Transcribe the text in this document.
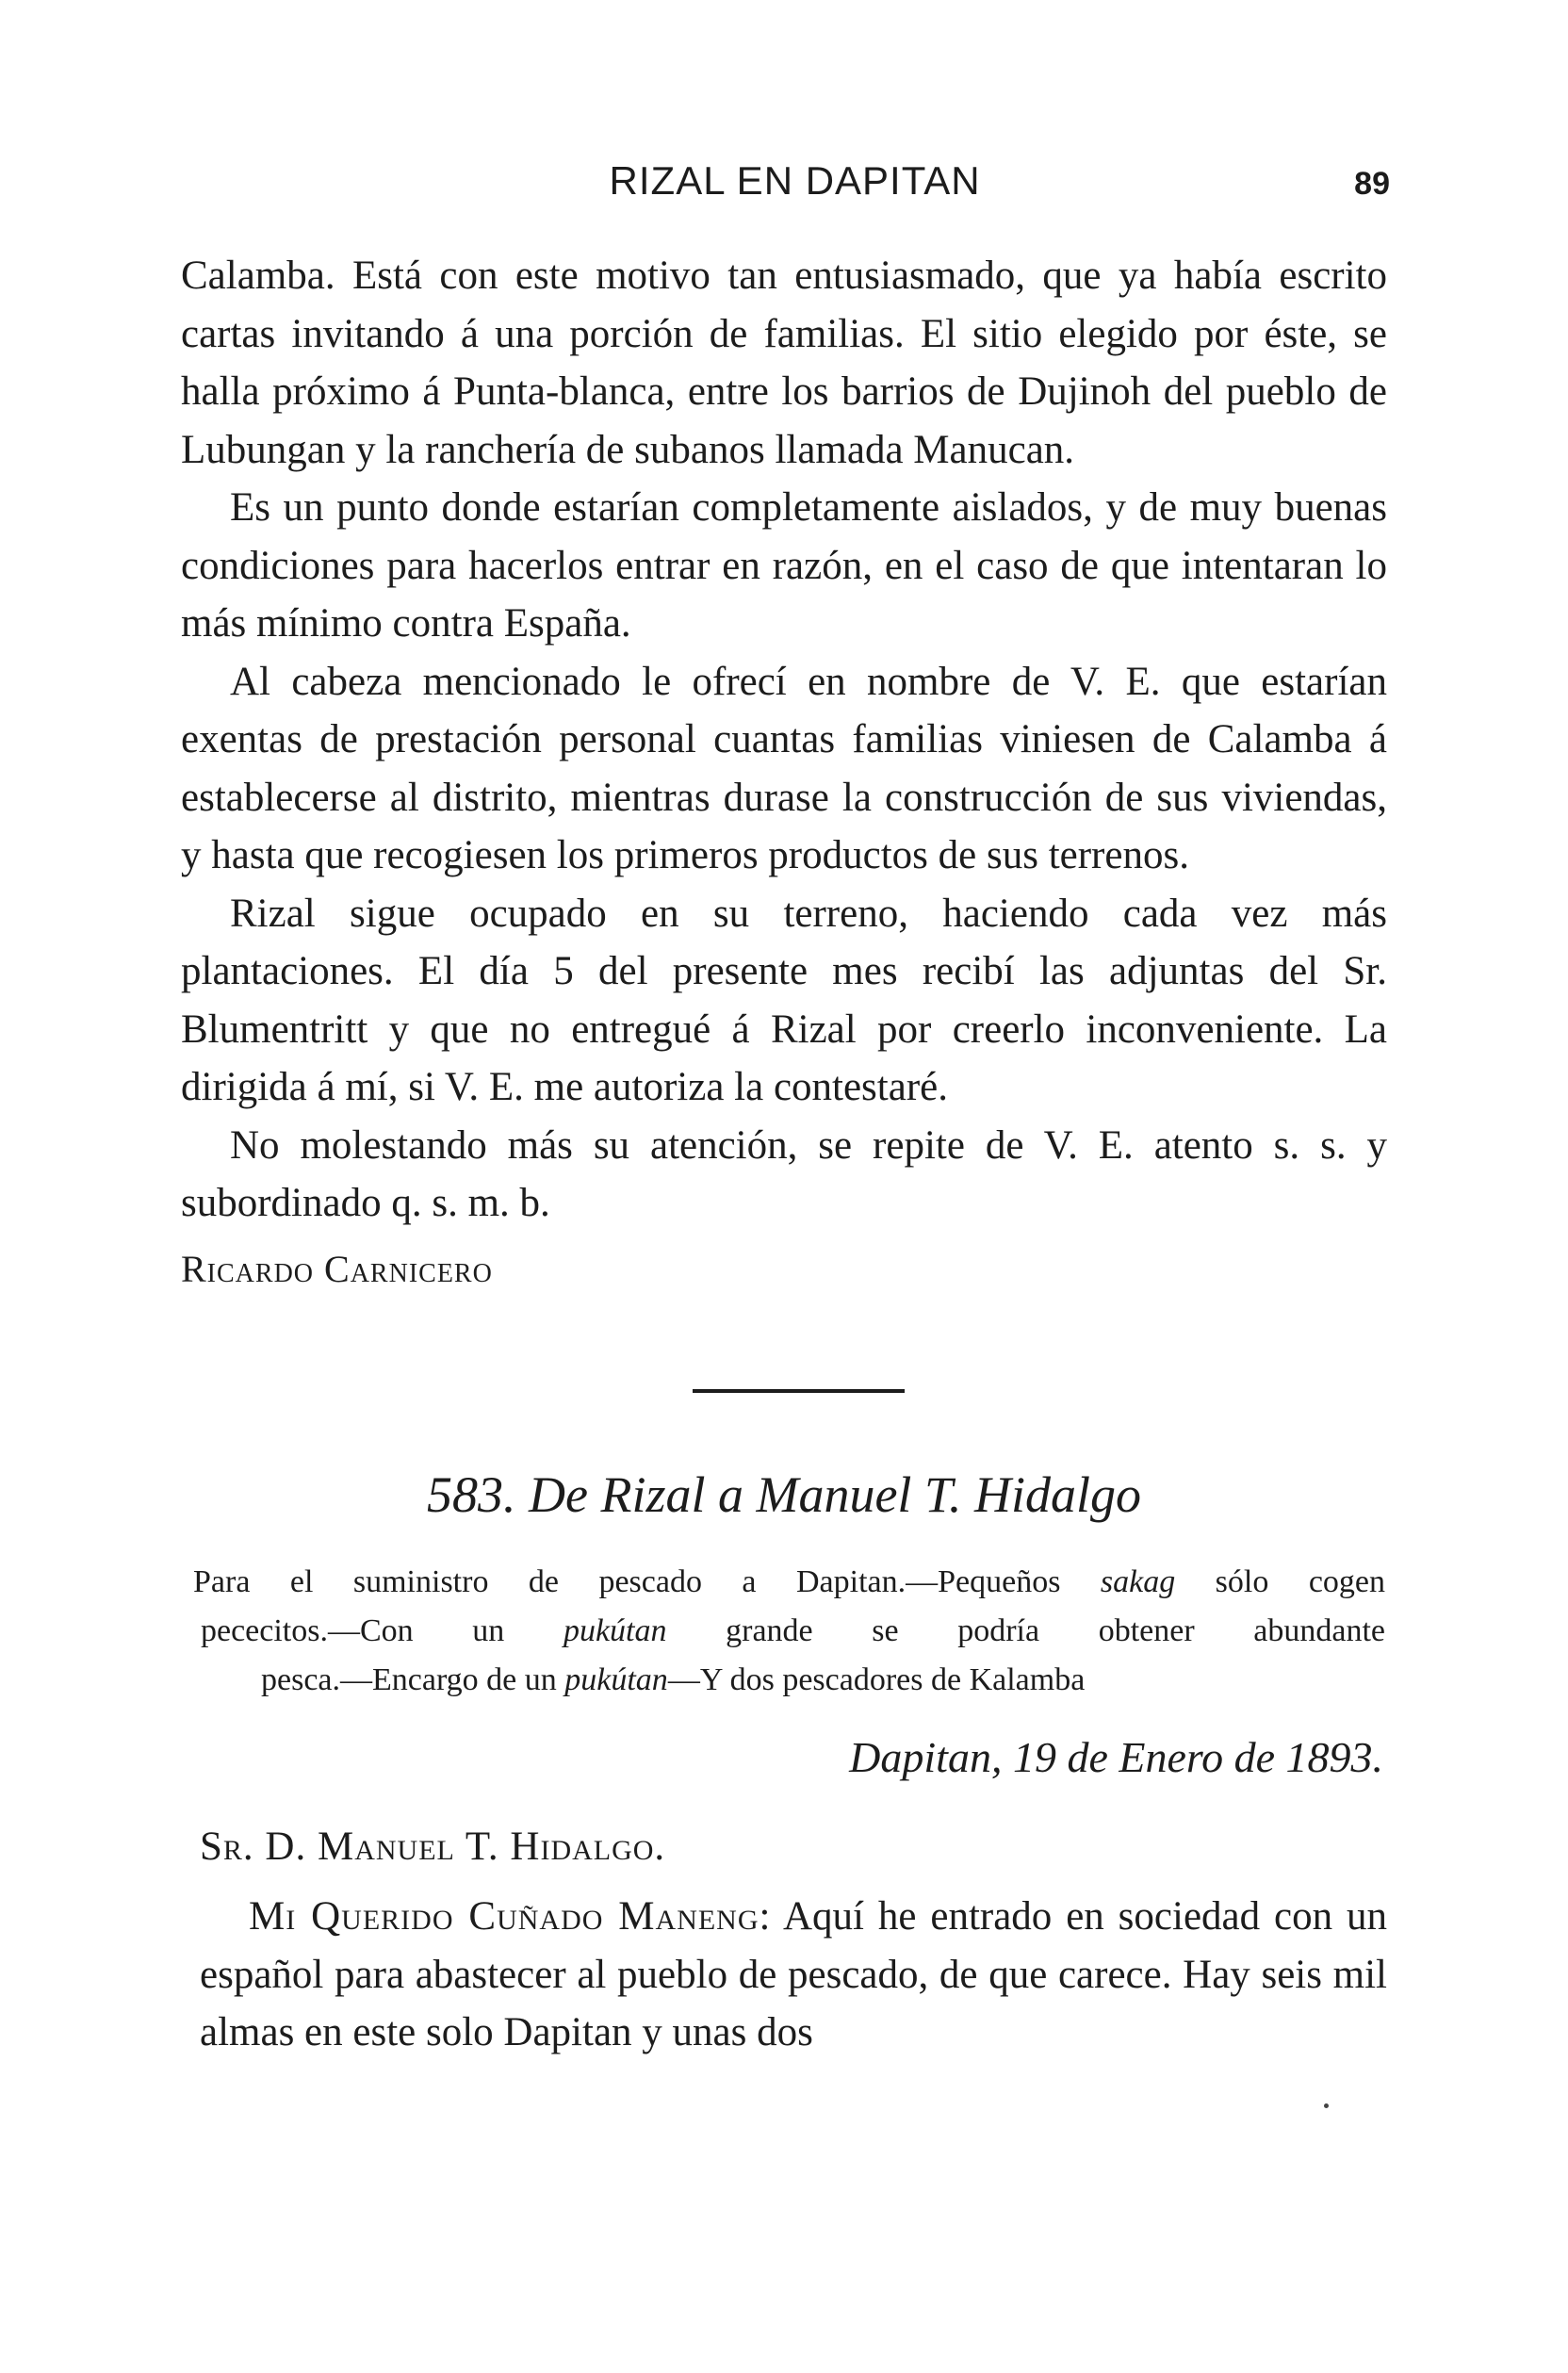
RIZAL EN DAPITAN	89

Calamba. Está con este motivo tan entusiasmado, que ya había escrito cartas invitando á una porción de familias. El sitio elegido por éste, se halla próximo á Punta-blanca, entre los barrios de Dujinoh del pueblo de Lubungan y la ranchería de subanos llamada Manucan.

Es un punto donde estarían completamente aislados, y de muy buenas condiciones para hacerlos entrar en razón, en el caso de que intentaran lo más mínimo contra España.

Al cabeza mencionado le ofrecí en nombre de V. E. que estarían exentas de prestación personal cuantas familias viniesen de Calamba á establecerse al distrito, mientras durase la construcción de sus viviendas, y hasta que recogiesen los primeros productos de sus terrenos.

Rizal sigue ocupado en su terreno, haciendo cada vez más plantaciones. El día 5 del presente mes recibí las adjuntas del Sr. Blumentritt y que no entregué á Rizal por creerlo inconveniente. La dirigida á mí, si V. E. me autoriza la contestaré.

No molestando más su atención, se repite de V. E. atento s. s. y subordinado q. s. m. b.

Ricardo Carnicero

583. De Rizal a Manuel T. Hidalgo

Para el suministro de pescado a Dapitan.—Pequeños sakag sólo cogen

pececitos.—Con un pukútan grande se podría obtener abundante

pesca.—Encargo de un pukútan—Y dos pescadores de Kalamba

Dapitan, 19 de Enero de 1893.
Sr. D. Manuel T. Hidalgo.

Mi Querido Cuñado Maneng: Aquí he entrado en sociedad con un español para abastecer al pueblo de pescado, de que carece. Hay seis mil almas en este solo Dapitan y unas dos
